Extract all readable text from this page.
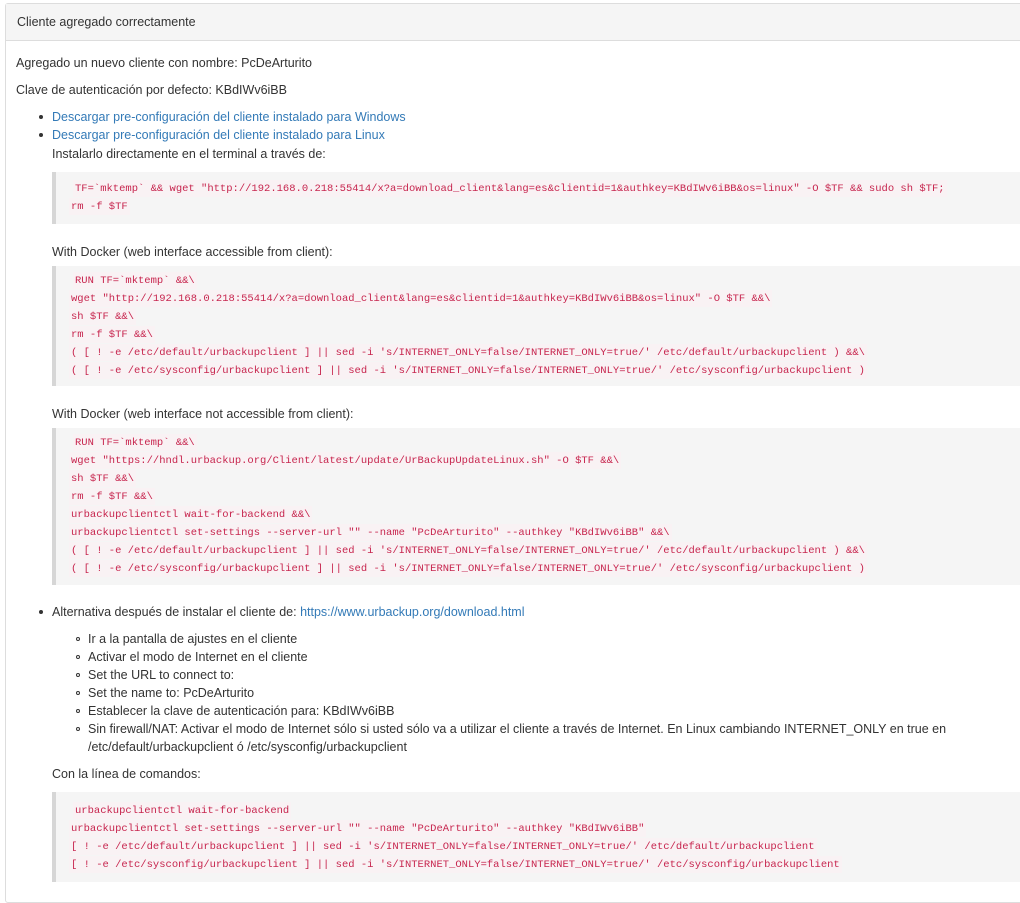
Cliente agregado correctamente
Agregado un nuevo cliente con nombre: PcDeArturito
Clave de autenticación por defecto: KBdIWv6iBB
Descargar pre-configuración del cliente instalado para Windows
Descargar pre-configuración del cliente instalado para Linux
Instalarlo directamente en el terminal a través de:
TF=`mktemp` && wget "http://192.168.0.218:55414/x?a=download_client&lang=es&clientid=1&authkey=KBdIWv6iBB&os=linux" -O $TF && sudo sh $TF;
rm -f $TF
With Docker (web interface accessible from client):
RUN TF=`mktemp` &&\
wget "http://192.168.0.218:55414/x?a=download_client&lang=es&clientid=1&authkey=KBdIWv6iBB&os=linux" -O $TF &&\
sh $TF &&\
rm -f $TF &&\
( [ ! -e /etc/default/urbackupclient ] || sed -i 's/INTERNET_ONLY=false/INTERNET_ONLY=true/' /etc/default/urbackupclient ) &&\
( [ ! -e /etc/sysconfig/urbackupclient ] || sed -i 's/INTERNET_ONLY=false/INTERNET_ONLY=true/' /etc/sysconfig/urbackupclient )
With Docker (web interface not accessible from client):
RUN TF=`mktemp` &&\
wget "https://hndl.urbackup.org/Client/latest/update/UrBackupUpdateLinux.sh" -O $TF &&\
sh $TF &&\
rm -f $TF &&\
urbackupclientctl wait-for-backend &&\
urbackupclientctl set-settings --server-url "" --name "PcDeArturito" --authkey "KBdIWv6iBB" &&\
( [ ! -e /etc/default/urbackupclient ] || sed -i 's/INTERNET_ONLY=false/INTERNET_ONLY=true/' /etc/default/urbackupclient ) &&\
( [ ! -e /etc/sysconfig/urbackupclient ] || sed -i 's/INTERNET_ONLY=false/INTERNET_ONLY=true/' /etc/sysconfig/urbackupclient )
Alternativa después de instalar el cliente de: https://www.urbackup.org/download.html
Ir a la pantalla de ajustes en el cliente
Activar el modo de Internet en el cliente
Set the URL to connect to:
Set the name to: PcDeArturito
Establecer la clave de autenticación para: KBdIWv6iBB
Sin firewall/NAT: Activar el modo de Internet sólo si usted sólo va a utilizar el cliente a través de Internet. En Linux cambiando INTERNET_ONLY en true en
/etc/default/urbackupclient ó /etc/sysconfig/urbackupclient
Con la línea de comandos:
urbackupclientctl wait-for-backend
urbackupclientctl set-settings --server-url "" --name "PcDeArturito" --authkey "KBdIWv6iBB"
[ ! -e /etc/default/urbackupclient ] || sed -i 's/INTERNET_ONLY=false/INTERNET_ONLY=true/' /etc/default/urbackupclient
[ ! -e /etc/sysconfig/urbackupclient ] || sed -i 's/INTERNET_ONLY=false/INTERNET_ONLY=true/' /etc/sysconfig/urbackupclient
